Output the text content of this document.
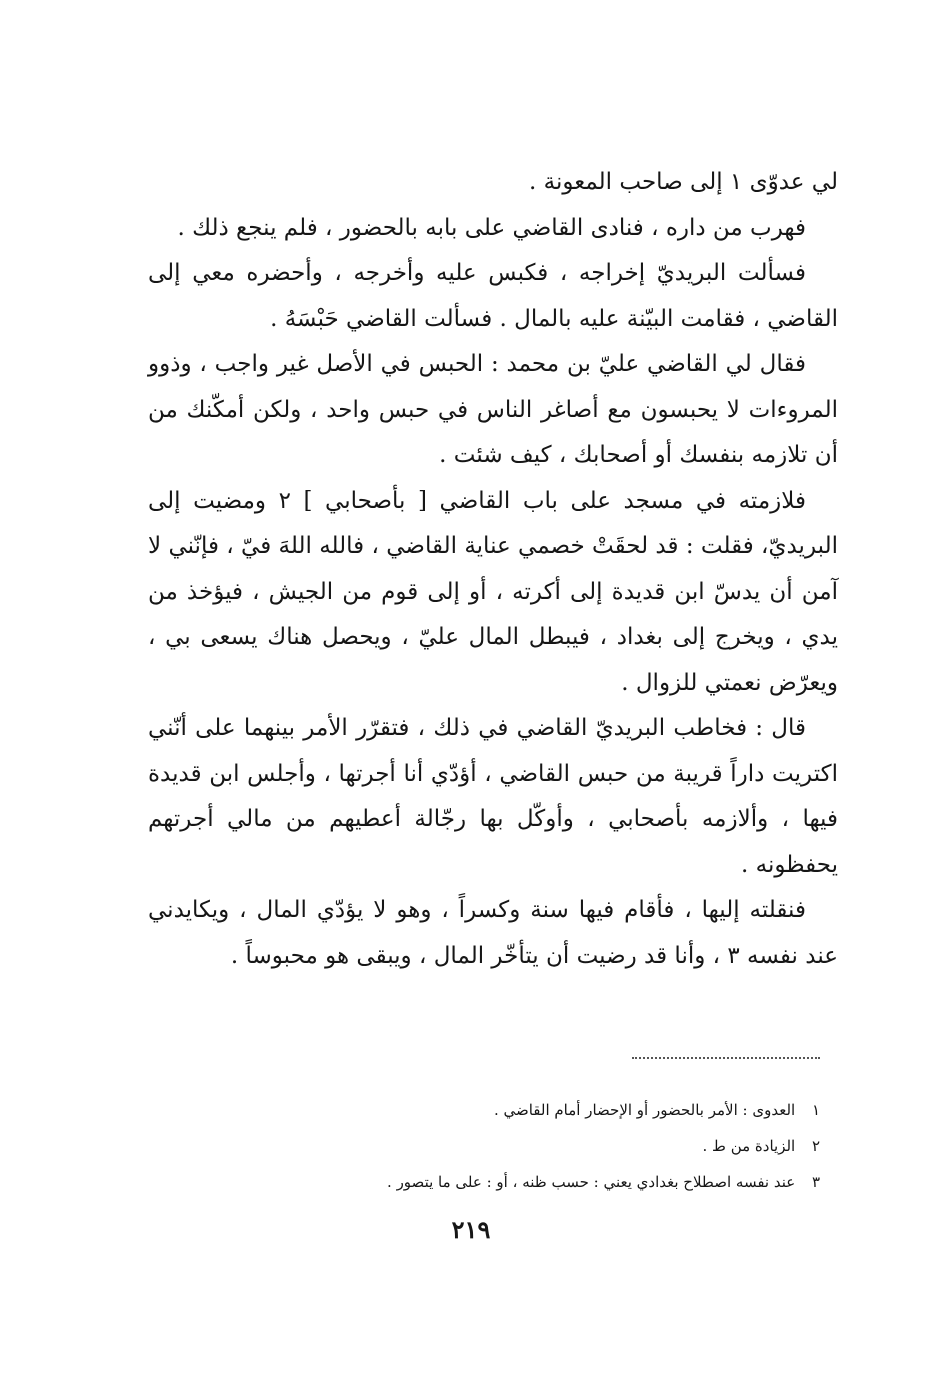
لي عدوّى ١ إلى صاحب المعونة .

فهرب من داره ، فنادى القاضي على بابه بالحضور ، فلم ينجع ذلك .

فسألت البريديّ إخراجه ، فكبس عليه وأخرجه ، وأحضره معي إلى القاضي ، فقامت البيّنة عليه بالمال . فسألت القاضي حَبْسَهُ .

فقال لي القاضي عليّ بن محمد : الحبس في الأصل غير واجب ، وذوو المروءات لا يحبسون مع أصاغر الناس في حبس واحد ، ولكن أمكّنك من أن تلازمه بنفسك أو أصحابك ، كيف شئت .

فلازمته في مسجد على باب القاضي [ بأصحابي ] ٢ ومضيت إلى البريديّ، فقلت : قد لحقَتْ خصمي عناية القاضي ، فالله اللهَ فيّ ، فإنّني لا آمن أن يدسّ ابن قديدة إلى أكرته ، أو إلى قوم من الجيش ، فيؤخذ من يدي ، ويخرج إلى بغداد ، فيبطل المال عليّ ، ويحصل هناك يسعى بي ، ويعرّض نعمتي للزوال .

قال : فخاطب البريديّ القاضي في ذلك ، فتقرّر الأمر بينهما على أنّني اكتريت داراً قريبة من حبس القاضي ، أؤدّي أنا أجرتها ، وأجلس ابن قديدة فيها ، وألازمه بأصحابي ، وأوكّل بها رجّالة أعطيهم من مالي أجرتهم يحفظونه .

فنقلته إليها ، فأقام فيها سنة وكسراً ، وهو لا يؤدّي المال ، ويكايدني عند نفسه ٣ ، وأنا قد رضيت أن يتأخّر المال ، ويبقى هو محبوساً .

١ العدوى : الأمر بالحضور أو الإحضار أمام القاضي .

٢ الزيادة من ط .

٣ عند نفسه اصطلاح بغدادي يعني : حسب ظنه ، أو : على ما يتصور .

٢١٩
